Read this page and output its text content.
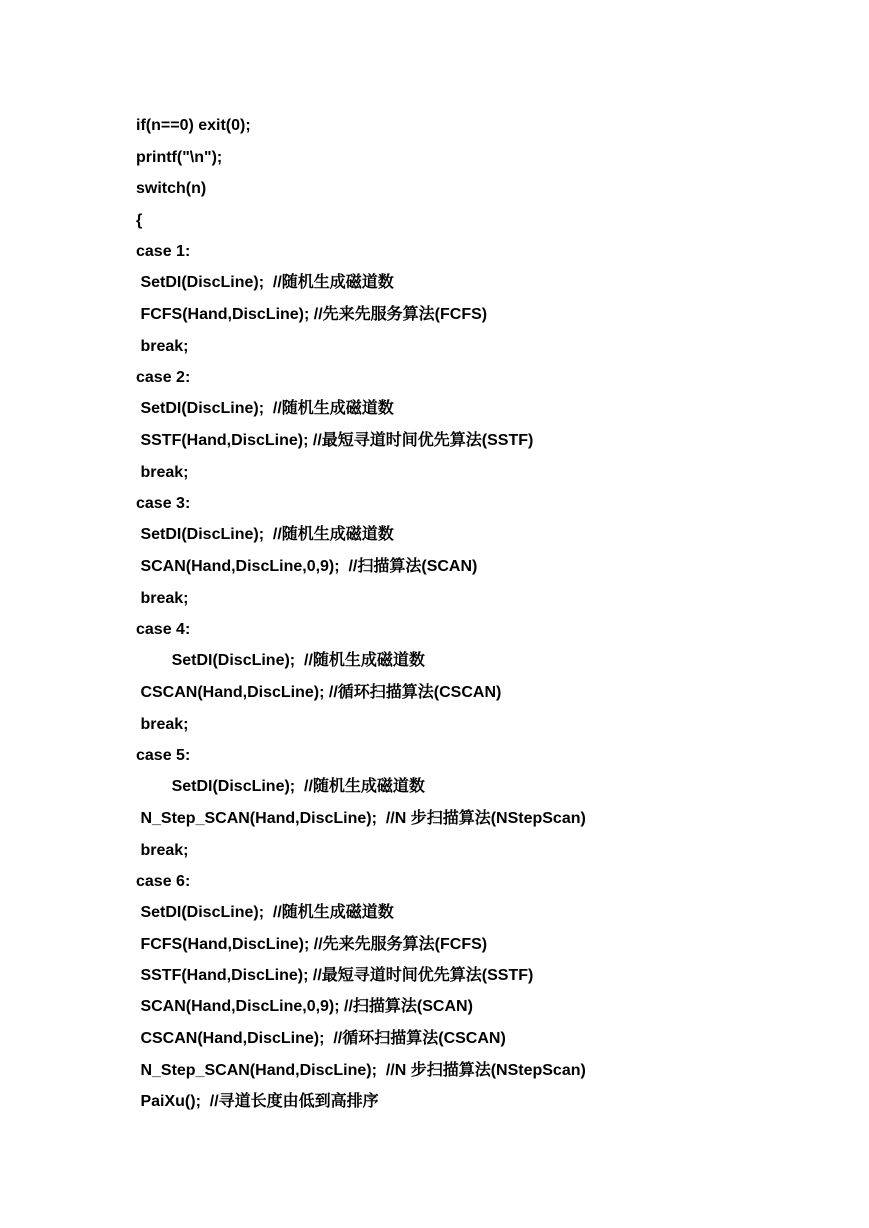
if(n==0) exit(0);

printf("\n");

switch(n)

{

case 1:

SetDI(DiscLine);  //随机生成磁道数

FCFS(Hand,DiscLine); //先来先服务算法(FCFS)

break;

case 2:

SetDI(DiscLine);  //随机生成磁道数

SSTF(Hand,DiscLine); //最短寻道时间优先算法(SSTF)

break;

case 3:

SetDI(DiscLine);  //随机生成磁道数

SCAN(Hand,DiscLine,0,9);  //扫描算法(SCAN)

break;

case 4:

SetDI(DiscLine);  //随机生成磁道数

CSCAN(Hand,DiscLine); //循环扫描算法(CSCAN)

break;

case 5:

SetDI(DiscLine);  //随机生成磁道数

N_Step_SCAN(Hand,DiscLine);  //N 步扫描算法(NStepScan)

break;

case 6:

SetDI(DiscLine);  //随机生成磁道数

FCFS(Hand,DiscLine); //先来先服务算法(FCFS)

SSTF(Hand,DiscLine); //最短寻道时间优先算法(SSTF)

SCAN(Hand,DiscLine,0,9); //扫描算法(SCAN)

CSCAN(Hand,DiscLine);  //循环扫描算法(CSCAN)

N_Step_SCAN(Hand,DiscLine);  //N 步扫描算法(NStepScan)

PaiXu();  //寻道长度由低到高排序
